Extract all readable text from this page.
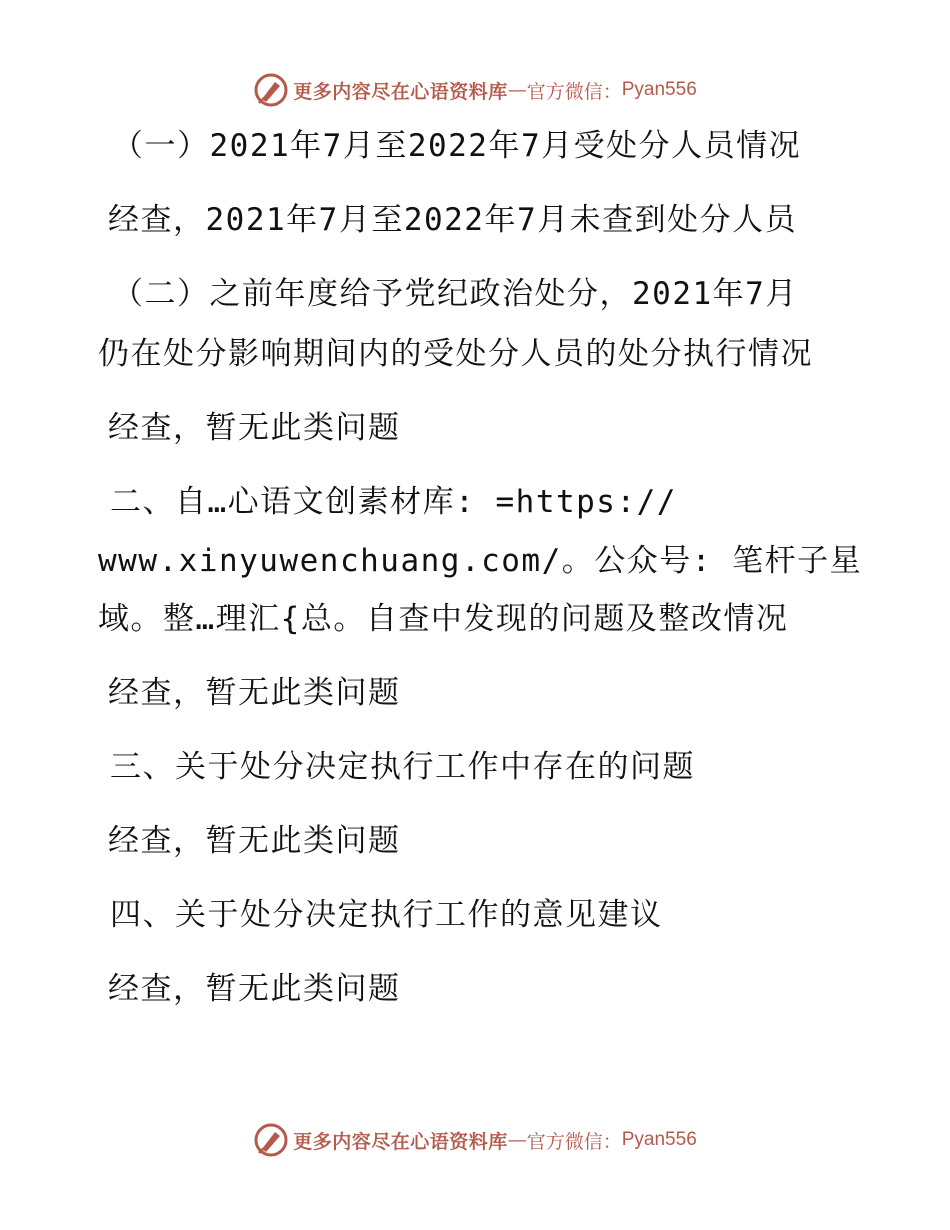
更多内容尽在心语资料库 — 官方微信： Pyan556
（一）2021年7月至2022年7月受处分人员情况
经查，2021年7月至2022年7月未查到处分人员
（二）之前年度给予党纪政治处分，2021年7月
仍在处分影响期间内的受处分人员的处分执行情况
经查，暂无此类问题
二、自…心语文创素材库: =https://
www.xinyuwenchuang.com/。公众号: 笔杆子星
域。整…理汇{总。自查中发现的问题及整改情况
经查，暂无此类问题
三、关于处分决定执行工作中存在的问题
经查，暂无此类问题
四、关于处分决定执行工作的意见建议
经查，暂无此类问题
更多内容尽在心语资料库 — 官方微信： Pyan556
